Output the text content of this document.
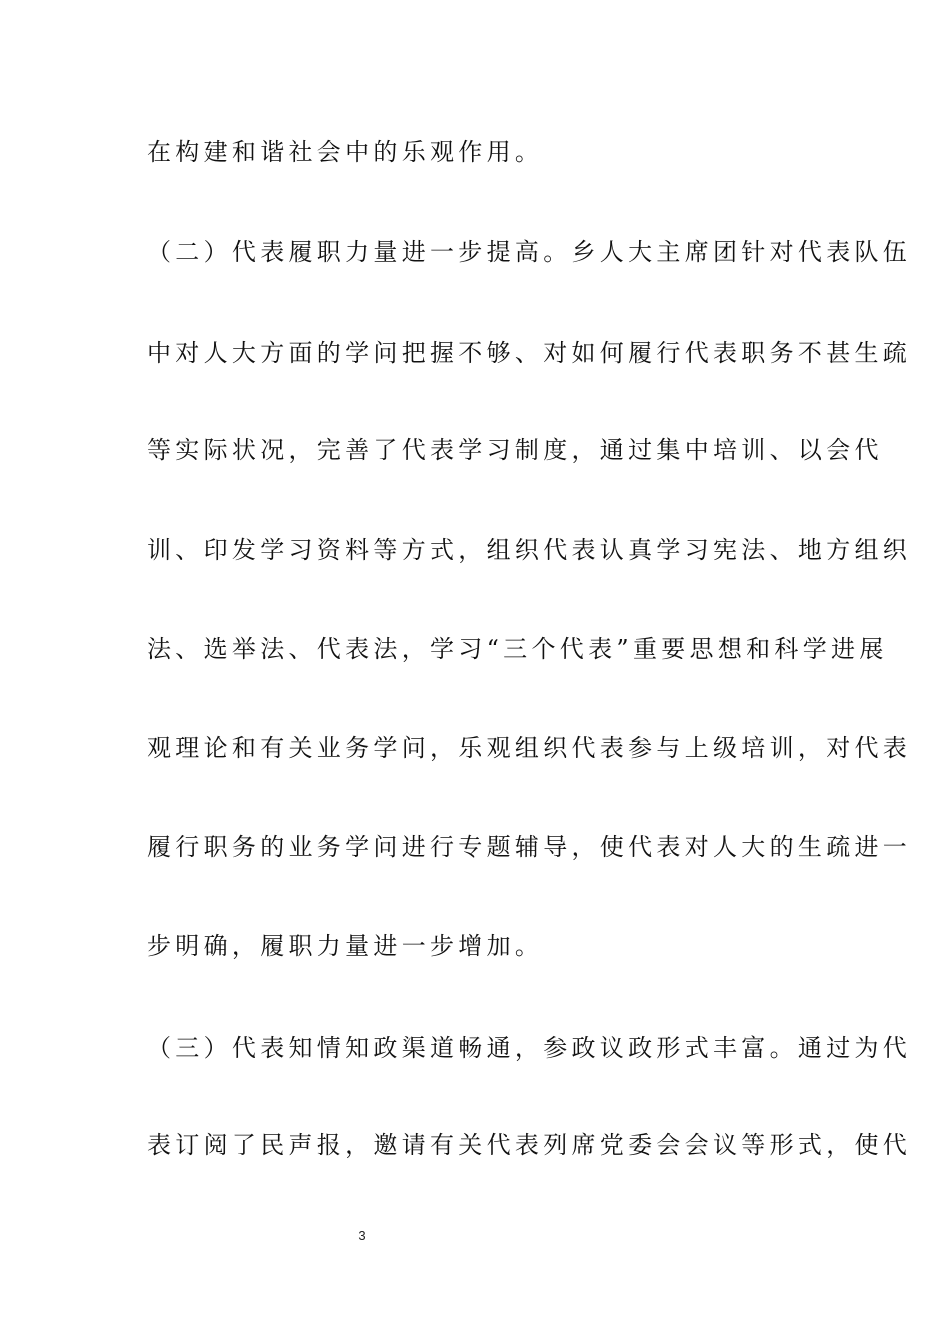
在构建和谐社会中的乐观作用。
（二）代表履职力量进一步提高。乡人大主席团针对代表队伍
中对人大方面的学问把握不够、对如何履行代表职务不甚生疏
等实际状况，完善了代表学习制度，通过集中培训、以会代
训、印发学习资料等方式，组织代表认真学习宪法、地方组织
法、选举法、代表法，学习“三个代表”重要思想和科学进展
观理论和有关业务学问，乐观组织代表参与上级培训，对代表
履行职务的业务学问进行专题辅导，使代表对人大的生疏进一
步明确，履职力量进一步增加。
（三）代表知情知政渠道畅通，参政议政形式丰富。通过为代
表订阅了民声报，邀请有关代表列席党委会会议等形式，使代
3
